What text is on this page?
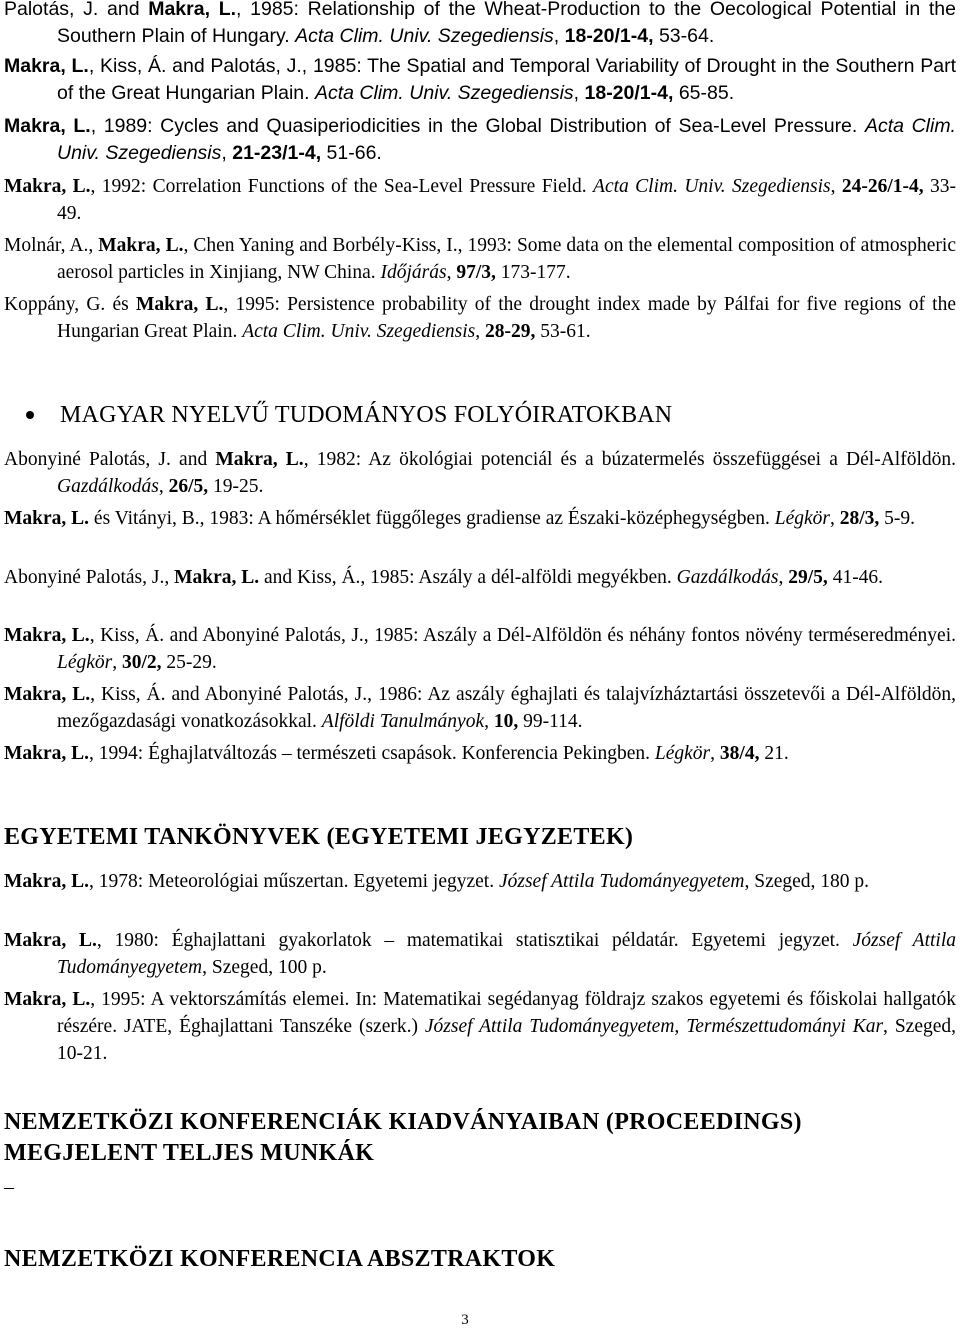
Palotás, J. and Makra, L., 1985: Relationship of the Wheat-Production to the Oecological Potential in the Southern Plain of Hungary. Acta Clim. Univ. Szegediensis, 18-20/1-4, 53-64.
Makra, L., Kiss, Á. and Palotás, J., 1985: The Spatial and Temporal Variability of Drought in the Southern Part of the Great Hungarian Plain. Acta Clim. Univ. Szegediensis, 18-20/1-4, 65-85.
Makra, L., 1989: Cycles and Quasiperiodicities in the Global Distribution of Sea-Level Pressure. Acta Clim. Univ. Szegediensis, 21-23/1-4, 51-66.
Makra, L., 1992: Correlation Functions of the Sea-Level Pressure Field. Acta Clim. Univ. Szegediensis, 24-26/1-4, 33-49.
Molnár, A., Makra, L., Chen Yaning and Borbély-Kiss, I., 1993: Some data on the elemental composition of atmospheric aerosol particles in Xinjiang, NW China. Időjárás, 97/3, 173-177.
Koppány, G. és Makra, L., 1995: Persistence probability of the drought index made by Pálfai for five regions of the Hungarian Great Plain. Acta Clim. Univ. Szegediensis, 28-29, 53-61.
MAGYAR NYELVŰ TUDOMÁNYOS FOLYÓIRATOKBAN
Abonyiné Palotás, J. and Makra, L., 1982: Az ökológiai potenciál és a búzatermelés összefüggései a Dél-Alföldön. Gazdálkodás, 26/5, 19-25.
Makra, L. és Vitányi, B., 1983: A hőmérséklet függőleges gradiense az Északi-középhegységben. Légkör, 28/3, 5-9.
Abonyiné Palotás, J., Makra, L. and Kiss, Á., 1985: Aszály a dél-alföldi megyékben. Gazdálkodás, 29/5, 41-46.
Makra, L., Kiss, Á. and Abonyiné Palotás, J., 1985: Aszály a Dél-Alföldön és néhány fontos növény terméseredményei. Légkör, 30/2, 25-29.
Makra, L., Kiss, Á. and Abonyiné Palotás, J., 1986: Az aszály éghajlati és talajvízháztartási összetevői a Dél-Alföldön, mezőgazdasági vonatkozásokkal. Alföldi Tanulmányok, 10, 99-114.
Makra, L., 1994: Éghajlatváltozás – természeti csapások. Konferencia Pekingben. Légkör, 38/4, 21.
EGYETEMI TANKÖNYVEK (EGYETEMI JEGYZETEK)
Makra, L., 1978: Meteorológiai műszertan. Egyetemi jegyzet. József Attila Tudományegyetem, Szeged, 180 p.
Makra, L., 1980: Éghajlattani gyakorlatok – matematikai statisztikai példatár. Egyetemi jegyzet. József Attila Tudományegyetem, Szeged, 100 p.
Makra, L., 1995: A vektorszámítás elemei. In: Matematikai segédanyag földrajz szakos egyetemi és főiskolai hallgatók részére. JATE, Éghajlattani Tanszéke (szerk.) József Attila Tudományegyetem, Természettudományi Kar, Szeged, 10-21.
NEMZETKÖZI KONFERENCIÁK KIADVÁNYAIBAN (PROCEEDINGS) MEGJELENT TELJES MUNKÁK
–
NEMZETKÖZI KONFERENCIA ABSZTRAKTOK
3
